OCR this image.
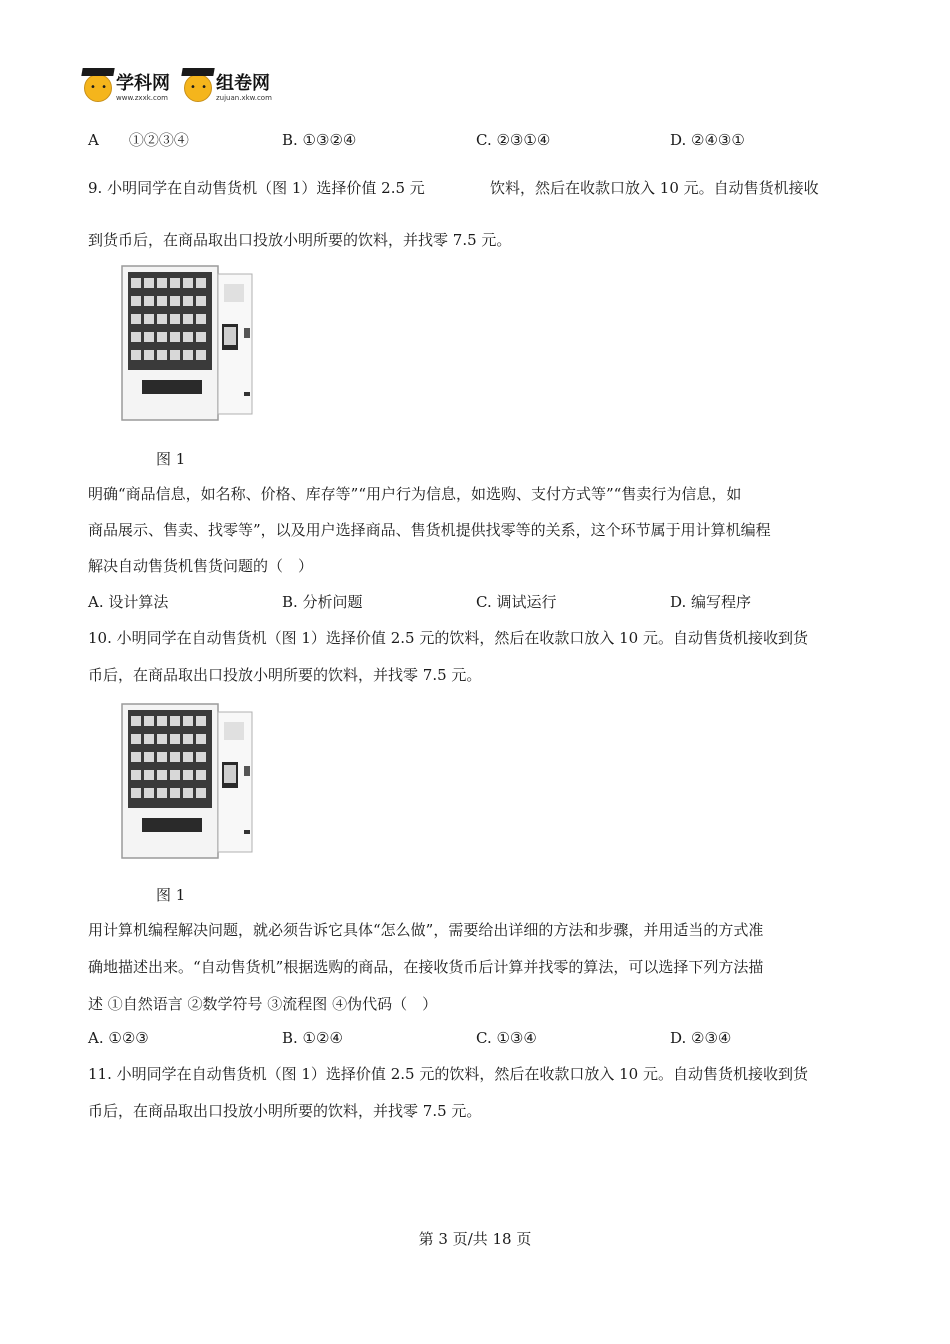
• •
学科网
www.zxxk.com
• •
组卷网
zujuan.xkw.com
A　　①②③④	B. ①③②④	C. ②③①④	D. ②④③①
9. 小明同学在自动售货机（图 1）选择价值 2.5 元	饮料，然后在收款口放入 10 元。自动售货机接收
到货币后，在商品取出口投放小明所要的饮料，并找零 7.5 元。
图 1
明确“商品信息，如名称、价格、库存等”“用户行为信息，如选购、支付方式等”“售卖行为信息，如
商品展示、售卖、找零等”，以及用户选择商品、售货机提供找零等的关系，这个环节属于用计算机编程
解决自动售货机售货问题的（　）
A. 设计算法	B. 分析问题	C. 调试运行	D. 编写程序
10. 小明同学在自动售货机（图 1）选择价值 2.5 元的饮料，然后在收款口放入 10 元。自动售货机接收到货
币后，在商品取出口投放小明所要的饮料，并找零 7.5 元。
图 1
用计算机编程解决问题，就必须告诉它具体“怎么做”，需要给出详细的方法和步骤，并用适当的方式准
确地描述出来。“自动售货机”根据选购的商品，在接收货币后计算并找零的算法，可以选择下列方法描
述 ①自然语言 ②数学符号 ③流程图 ④伪代码（　）
A. ①②③	B. ①②④	C. ①③④	D. ②③④
11. 小明同学在自动售货机（图 1）选择价值 2.5 元的饮料，然后在收款口放入 10 元。自动售货机接收到货
币后，在商品取出口投放小明所要的饮料，并找零 7.5 元。
第 3 页/共 18 页
